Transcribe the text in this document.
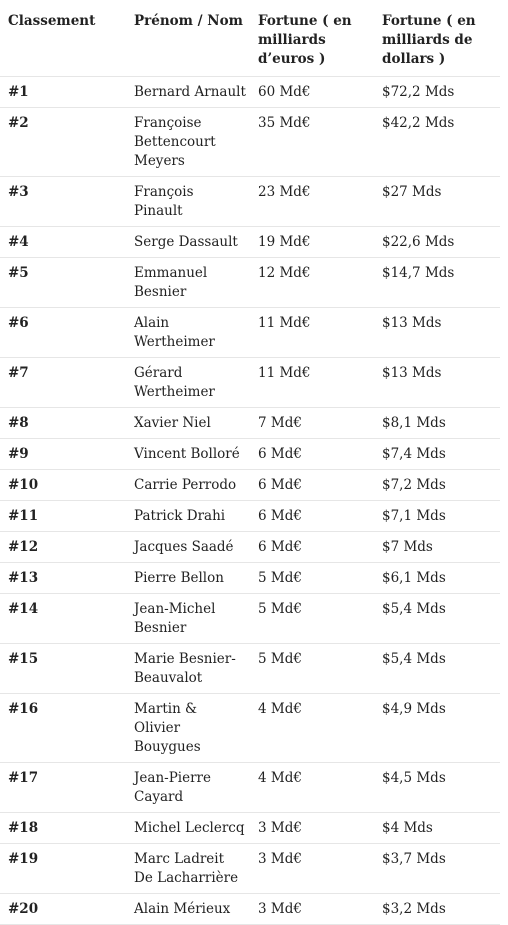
Classement	Prénom / Nom	Fortune ( en milliards d’euros )	Fortune ( en milliards de dollars )
#1	Bernard Arnault	60 Md€	$72,2 Mds
#2	Françoise Bettencourt Meyers	35 Md€	$42,2 Mds
#3	François Pinault	23 Md€	$27 Mds
#4	Serge Dassault	19 Md€	$22,6 Mds
#5	Emmanuel Besnier	12 Md€	$14,7 Mds
#6	Alain Wertheimer	11 Md€	$13 Mds
#7	Gérard Wertheimer	11 Md€	$13 Mds
#8	Xavier Niel	7 Md€	$8,1 Mds
#9	Vincent Bolloré	6 Md€	$7,4 Mds
#10	Carrie Perrodo	6 Md€	$7,2 Mds
#11	Patrick Drahi	6 Md€	$7,1 Mds
#12	Jacques Saadé	6 Md€	$7 Mds
#13	Pierre Bellon	5 Md€	$6,1 Mds
#14	Jean-Michel Besnier	5 Md€	$5,4 Mds
#15	Marie Besnier-Beauvalot	5 Md€	$5,4 Mds
#16	Martin & Olivier Bouygues	4 Md€	$4,9 Mds
#17	Jean-Pierre Cayard	4 Md€	$4,5 Mds
#18	Michel Leclercq	3 Md€	$4 Mds
#19	Marc Ladreit De Lacharrière	3 Md€	$3,7 Mds
#20	Alain Mérieux	3 Md€	$3,2 Mds
